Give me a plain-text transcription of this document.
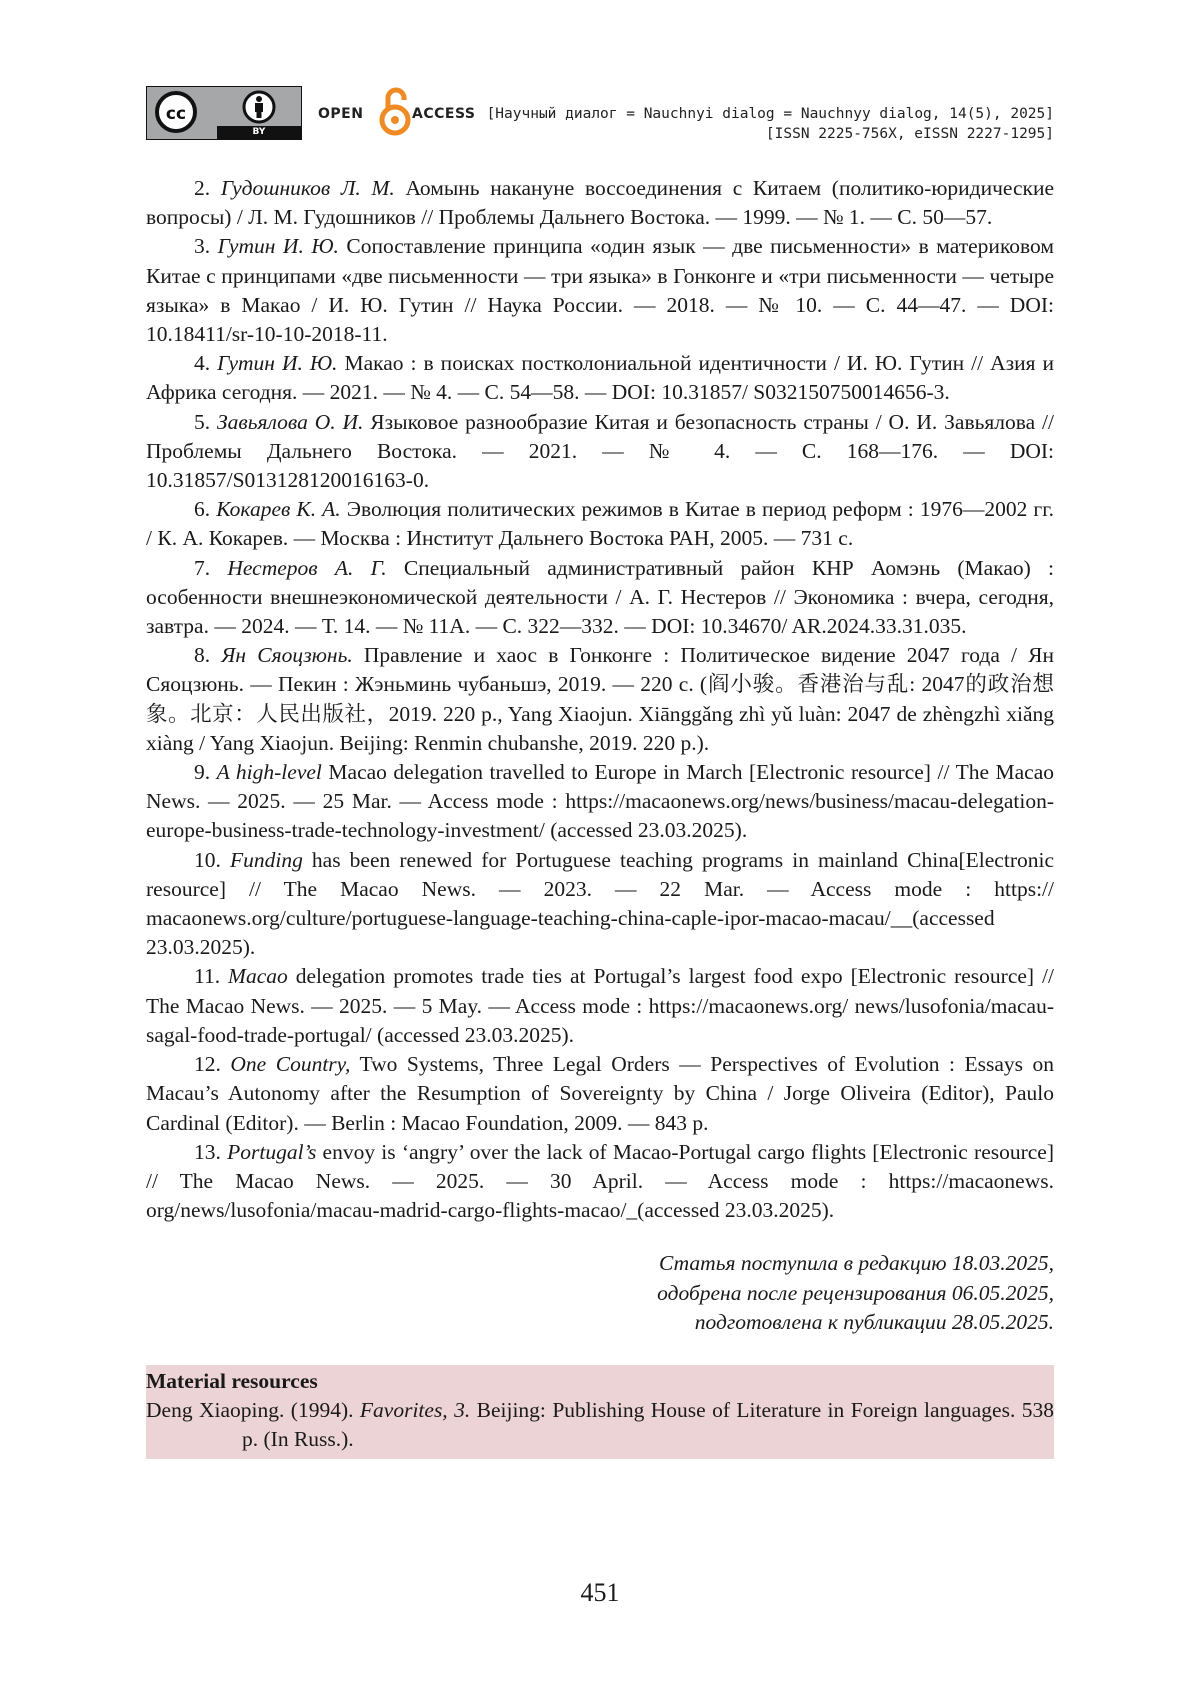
cc
BY
OPEN	ACCESS [Научный диалог = Nauchnyi dialog = Nauchnyy dialog, 14(5), 2025]
[ISSN 2225-756X, eISSN 2227-1295]

2. Гудошников Л. М. Аомынь накануне воссоединения с Китаем (политико-юриди­ческие вопросы) / Л. М. Гудошников // Проблемы Дальнего Востока. — 1999. — № 1. — С. 50—57.

3. Гутин И. Ю. Сопоставление принципа «один язык — две письменности» в ма­териковом Китае с принципами «две письменности — три языка» в Гонконге и «три письменности — четыре языка» в Макао / И. Ю. Гутин // Наука России. — 2018. — № 10. — С. 44—47. — DOI: 10.18411/sr-10-10-2018-11.

4. Гутин И. Ю. Макао : в поисках постколониальной идентичности / И. Ю. Гу­тин // Азия и Африка сегодня. — 2021. — № 4. — С. 54—58. — DOI: 10.31857/ S032150750014656-3.

5. Завьялова О. И. Языковое разнообразие Китая и безопасность страны / О. И. За­вьялова // Проблемы Дальнего Востока. — 2021. — № 4. — С. 168—176. — DOI: 10.31857/S013128120016163-0.

6. Кокарев К. А. Эволюция политических режимов в Китае в период реформ : 1976—2002 гг. / К. А. Кокарев. — Москва : Институт Дальнего Востока РАН, 2005. — 731 с.

7. Нестеров А. Г. Специальный административный район КНР Аомэнь (Макао) : особенности внешнеэкономической деятельности / А. Г. Нестеров // Экономика : вче­ра, сегодня, завтра. — 2024. — Т. 14. — № 11А. — С. 322—332. — DOI: 10.34670/ AR.2024.33.31.035.

8. Ян Сяоцзюнь. Правление и хаос в Гонконге : Политическое видение 2047 года / Ян Сяоцзюнь. — Пекин : Жэньминь чубаньшэ, 2019. — 220 с. (阎小骏。香港治与乱: 2047的政治想象。北京：人民出版社，2019. 220 p., Yang Xiaojun. Xiānggǎng zhì yǔ luàn: 2047 de zhèngzhì xiǎng xiàng / Yang Xiaojun. Beijing: Renmin chubanshe, 2019. 220 p.).

9. A high-level Macao delegation travelled to Europe in March [Electronic resource] // The Macao News. — 2025. — 25 Mar. — Access mode : https://macaonews.org/news/busi­ness/macau-delegation-europe-business-trade-technology-investment/ (accessed 23.03.2025).

10. Funding has been renewed for Portuguese teaching programs in mainland China[Electronic resource] // The Macao News. — 2023. — 22 Mar. — Access mode : https:// macaonews.org/culture/portuguese-language-teaching-china-caple-ipor-macao-macau/__(ac­cessed 23.03.2025).

11. Macao delegation promotes trade ties at Portugal’s largest food expo [Electronic re­source] // The Macao News. — 2025. — 5 May. — Access mode : https://macaonews.org/ news/lusofonia/macau-sagal-food-trade-portugal/ (accessed 23.03.2025).

12. One Country, Two Systems, Three Legal Orders — Perspectives of Evolution : Es­says on Macau’s Autonomy after the Resumption of Sovereignty by China / Jorge Oliveira (Editor), Paulo Cardinal (Editor). — Berlin : Macao Foundation, 2009. — 843 p.

13. Portugal’s envoy is ‘angry’ over the lack of Macao-Portugal cargo flights [Electron­ic resource] // The Macao News. — 2025. — 30 April. — Access mode : https://macaonews. org/news/lusofonia/macau-madrid-cargo-flights-macao/_(accessed 23.03.2025).

Статья поступила в редакцию 18.03.2025,
одобрена после рецензирования 06.05.2025,
подготовлена к публикации 28.05.2025.
Material resources
Deng Xiaoping. (1994). Favorites, 3. Beijing: Publishing House of Literature in Foreign lan­guages. 538 p. (In Russ.).
451
